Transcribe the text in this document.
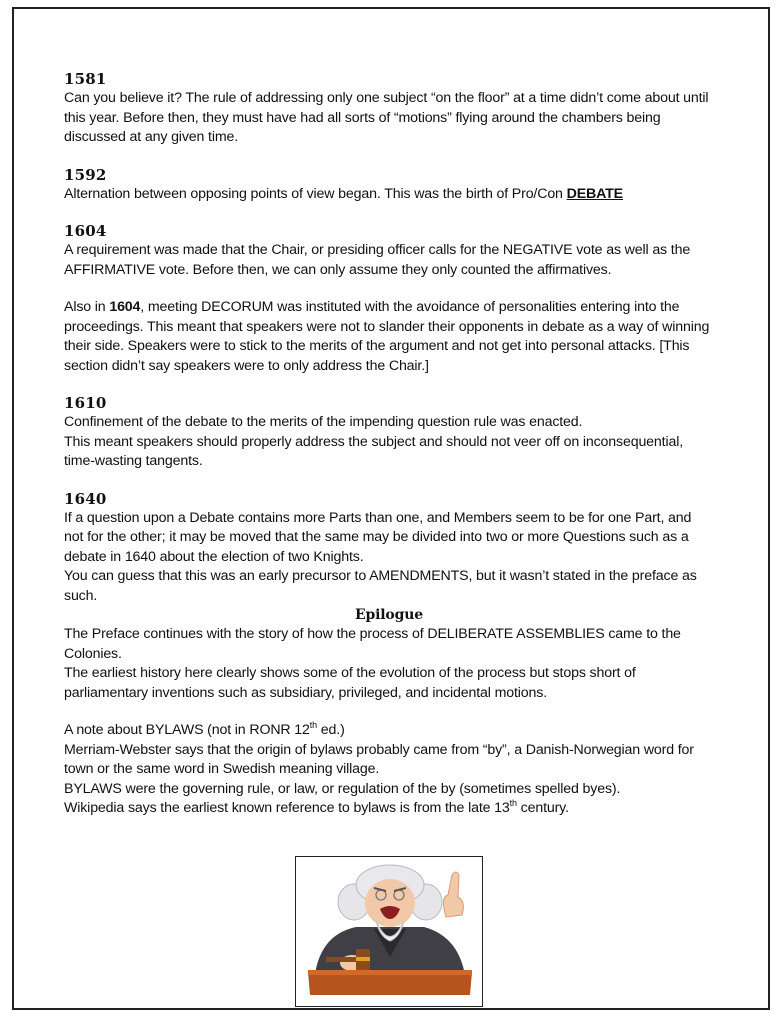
1581

Can you believe it? The rule of addressing only one subject “on the floor” at a time didn’t come about until this year. Before then, they must have had all sorts of “motions” flying around the chambers being discussed at any given time.

1592

Alternation between opposing points of view began. This was the birth of Pro/Con DEBATE

1604

A requirement was made that the Chair, or presiding officer calls for the NEGATIVE vote as well as the AFFIRMATIVE vote. Before then, we can only assume they only counted the affirmatives.

Also in 1604, meeting DECORUM was instituted with the avoidance of personalities entering into the proceedings. This meant that speakers were not to slander their opponents in debate as a way of winning their side. Speakers were to stick to the merits of the argument and not get into personal attacks. [This section didn’t say speakers were to only address the Chair.]

1610

Confinement of the debate to the merits of the impending question rule was enacted.

This meant speakers should properly address the subject and should not veer off on inconsequential, time-wasting tangents.

1640

If a question upon a Debate contains more Parts than one, and Members seem to be for one Part, and not for the other; it may be moved that the same may be divided into two or more Questions such as a debate in 1640 about the election of two Knights.

You can guess that this was an early precursor to AMENDMENTS, but it wasn’t stated in the preface as such.

Epilogue

The Preface continues with the story of how the process of DELIBERATE ASSEMBLIES came to the Colonies.

The earliest history here clearly shows some of the evolution of the process but stops short of parliamentary inventions such as subsidiary, privileged, and incidental motions.

A note about BYLAWS (not in RONR 12th ed.)

Merriam-Webster says that the origin of bylaws probably came from “by”, a Danish-Norwegian word for town or the same word in Swedish meaning village.

BYLAWS were the governing rule, or law, or regulation of the by (sometimes spelled byes).

Wikipedia says the earliest known reference to bylaws is from the late 13th century.
